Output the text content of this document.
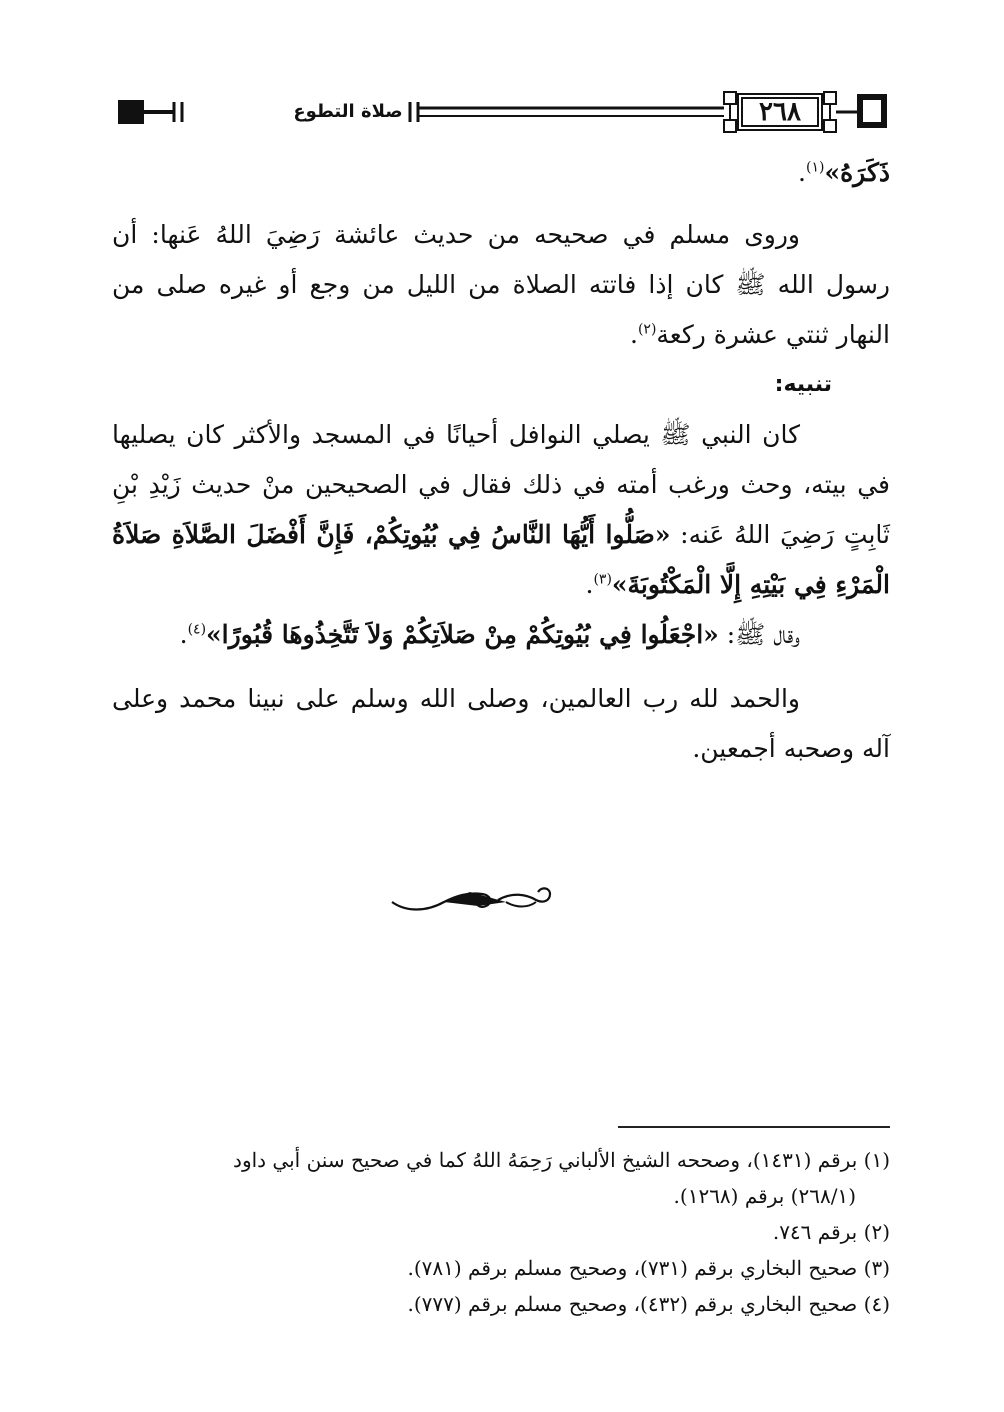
٢٦٨
صلاة التطوع

ذَكَرَهُ»$^{(١)}$.

وروى مسلم في صحيحه من حديث عائشة رَضِيَ اللهُ عَنها: أن رسول الله ﷺ كان إذا فاتته الصلاة من الليل من وجع أو غيره صلى من النهار ثنتي عشرة ركعة$^{(٢)}$.

تنبيه:

كان النبي ﷺ يصلي النوافل أحيانًا في المسجد والأكثر كان يصليها في بيته، وحث ورغب أمته في ذلك فقال في الصحيحين منْ حديث زَيْدِ بْنِ ثَابِتٍ رَضِيَ اللهُ عَنه: «صَلُّوا أَيُّهَا النَّاسُ فِي بُيُوتِكُمْ، فَإِنَّ أَفْضَلَ الصَّلاَةِ صَلاَةُ الْمَرْءِ فِي بَيْتِهِ إِلَّا الْمَكْتُوبَةَ»$^{(٣)}$.

وقال ﷺ: «اجْعَلُوا فِي بُيُوتِكُمْ مِنْ صَلاَتِكُمْ وَلاَ تَتَّخِذُوهَا قُبُورًا»$^{(٤)}$.

والحمد لله رب العالمين، وصلى الله وسلم على نبينا محمد وعلى آله وصحبه أجمعين.

(١) برقم (١٤٣١)، وصححه الشيخ الألباني رَحِمَهُ اللهُ كما في صحيح سنن أبي داود

(٢٦٨/١) برقم (١٢٦٨).

(٢) برقم ٧٤٦.

(٣) صحيح البخاري برقم (٧٣١)، وصحيح مسلم برقم (٧٨١).

(٤) صحيح البخاري برقم (٤٣٢)، وصحيح مسلم برقم (٧٧٧).
